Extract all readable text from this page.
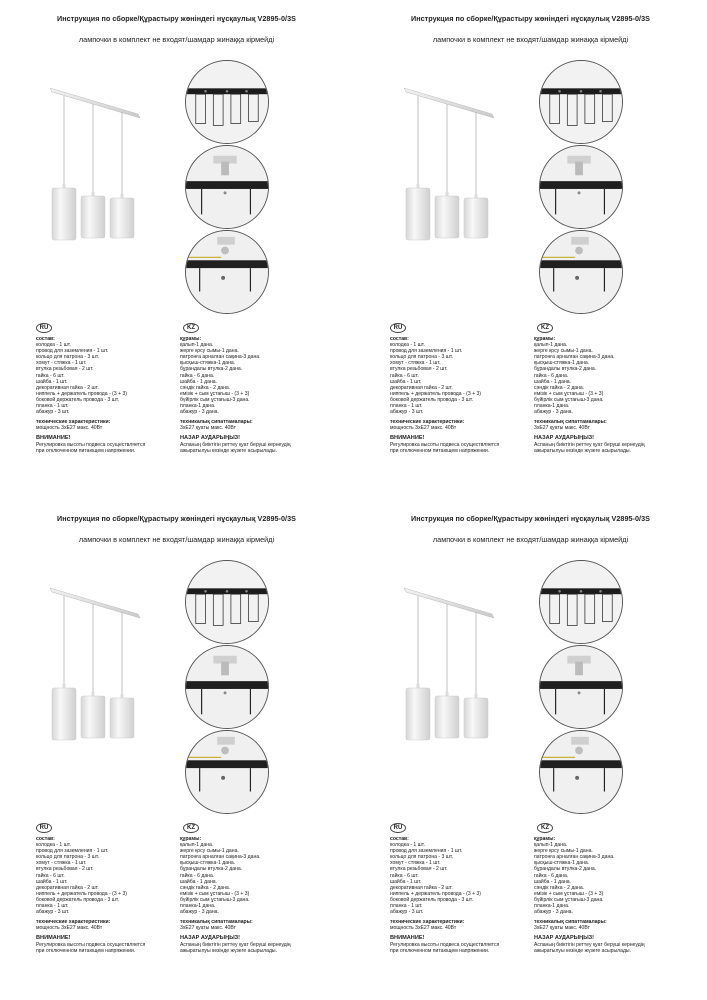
Инструкция по сборке/Құрастыру жөніндегі нұсқаулық V2895-0/3S
лампочки в комплект не входят/шамдар жинаққа кірмейді
RU	KZ
состав:
колодка - 1 шт.
провод для заземления - 1 шт.
кольцо для патрона - 3 шт.
хомут - стяжка - 1 шт.
втулка резьбовая - 2 шт.
гайка - 6 шт.
шайба - 1 шт.
декоративная гайка - 2 шт.
ниппель + держатель провода - (3 + 3)
боковой держатель провода - 3 шт.
планка - 1 шт.
абажур - 3 шт.
технические характеристики:
мощность 3хE27 макс. 40Вт
ВНИМАНИЕ!
Регулировка высоты подвеса осуществляется
при отключенном питающем напряжении.
құрамы:
қалып-1 дана.
жерге қосу сымы-1 дана.
патронға арналған сақина-3 дана.
қысқыш-стяжка-1 дана.
бұрандалы втулка-2 дана.
гайка - 6 дана.
шайба - 1 дана.
сәндік гайка - 2 дана.
емізік + сым ұстағыш - (3 + 3)
бүйірлік сым ұстағыш-3 дана.
планка-1 дана.
абажур - 3 дана.
техникалық сипаттамалары:
3хE27 қуаты макс. 40Вт
НАЗАР АУДАРЫҢЫЗ!
Аспаның биіктігін реттеу қуат беруші кернеудің
ажыратылуы кезінде жүзеге асырылады.
Инструкция по сборке/Құрастыру жөніндегі нұсқаулық V2895-0/3S
лампочки в комплект не входят/шамдар жинаққа кірмейді
RU	KZ
состав:
колодка - 1 шт.
провод для заземления - 1 шт.
кольцо для патрона - 3 шт.
хомут - стяжка - 1 шт.
втулка резьбовая - 2 шт.
гайка - 6 шт.
шайба - 1 шт.
декоративная гайка - 2 шт.
ниппель + держатель провода - (3 + 3)
боковой держатель провода - 3 шт.
планка - 1 шт.
абажур - 3 шт.
технические характеристики:
мощность 3хE27 макс. 40Вт
ВНИМАНИЕ!
Регулировка высоты подвеса осуществляется
при отключенном питающем напряжении.
құрамы:
қалып-1 дана.
жерге қосу сымы-1 дана.
патронға арналған сақина-3 дана.
қысқыш-стяжка-1 дана.
бұрандалы втулка-2 дана.
гайка - 6 дана.
шайба - 1 дана.
сәндік гайка - 2 дана.
емізік + сым ұстағыш - (3 + 3)
бүйірлік сым ұстағыш-3 дана.
планка-1 дана.
абажур - 3 дана.
техникалық сипаттамалары:
3хE27 қуаты макс. 40Вт
НАЗАР АУДАРЫҢЫЗ!
Аспаның биіктігін реттеу қуат беруші кернеудің
ажыратылуы кезінде жүзеге асырылады.
Инструкция по сборке/Құрастыру жөніндегі нұсқаулық V2895-0/3S
лампочки в комплект не входят/шамдар жинаққа кірмейді
RU	KZ
состав:
колодка - 1 шт.
провод для заземления - 1 шт.
кольцо для патрона - 3 шт.
хомут - стяжка - 1 шт.
втулка резьбовая - 2 шт.
гайка - 6 шт.
шайба - 1 шт.
декоративная гайка - 2 шт.
ниппель + держатель провода - (3 + 3)
боковой держатель провода - 3 шт.
планка - 1 шт.
абажур - 3 шт.
технические характеристики:
мощность 3хE27 макс. 40Вт
ВНИМАНИЕ!
Регулировка высоты подвеса осуществляется
при отключенном питающем напряжении.
құрамы:
қалып-1 дана.
жерге қосу сымы-1 дана.
патронға арналған сақина-3 дана.
қысқыш-стяжка-1 дана.
бұрандалы втулка-2 дана.
гайка - 6 дана.
шайба - 1 дана.
сәндік гайка - 2 дана.
емізік + сым ұстағыш - (3 + 3)
бүйірлік сым ұстағыш-3 дана.
планка-1 дана.
абажур - 3 дана.
техникалық сипаттамалары:
3хE27 қуаты макс. 40Вт
НАЗАР АУДАРЫҢЫЗ!
Аспаның биіктігін реттеу қуат беруші кернеудің
ажыратылуы кезінде жүзеге асырылады.
Инструкция по сборке/Құрастыру жөніндегі нұсқаулық V2895-0/3S
лампочки в комплект не входят/шамдар жинаққа кірмейді
RU	KZ
состав:
колодка - 1 шт.
провод для заземления - 1 шт.
кольцо для патрона - 3 шт.
хомут - стяжка - 1 шт.
втулка резьбовая - 2 шт.
гайка - 6 шт.
шайба - 1 шт.
декоративная гайка - 2 шт.
ниппель + держатель провода - (3 + 3)
боковой держатель провода - 3 шт.
планка - 1 шт.
абажур - 3 шт.
технические характеристики:
мощность 3хE27 макс. 40Вт
ВНИМАНИЕ!
Регулировка высоты подвеса осуществляется
при отключенном питающем напряжении.
құрамы:
қалып-1 дана.
жерге қосу сымы-1 дана.
патронға арналған сақина-3 дана.
қысқыш-стяжка-1 дана.
бұрандалы втулка-2 дана.
гайка - 6 дана.
шайба - 1 дана.
сәндік гайка - 2 дана.
емізік + сым ұстағыш - (3 + 3)
бүйірлік сым ұстағыш-3 дана.
планка-1 дана.
абажур - 3 дана.
техникалық сипаттамалары:
3хE27 қуаты макс. 40Вт
НАЗАР АУДАРЫҢЫЗ!
Аспаның биіктігін реттеу қуат беруші кернеудің
ажыратылуы кезінде жүзеге асырылады.
